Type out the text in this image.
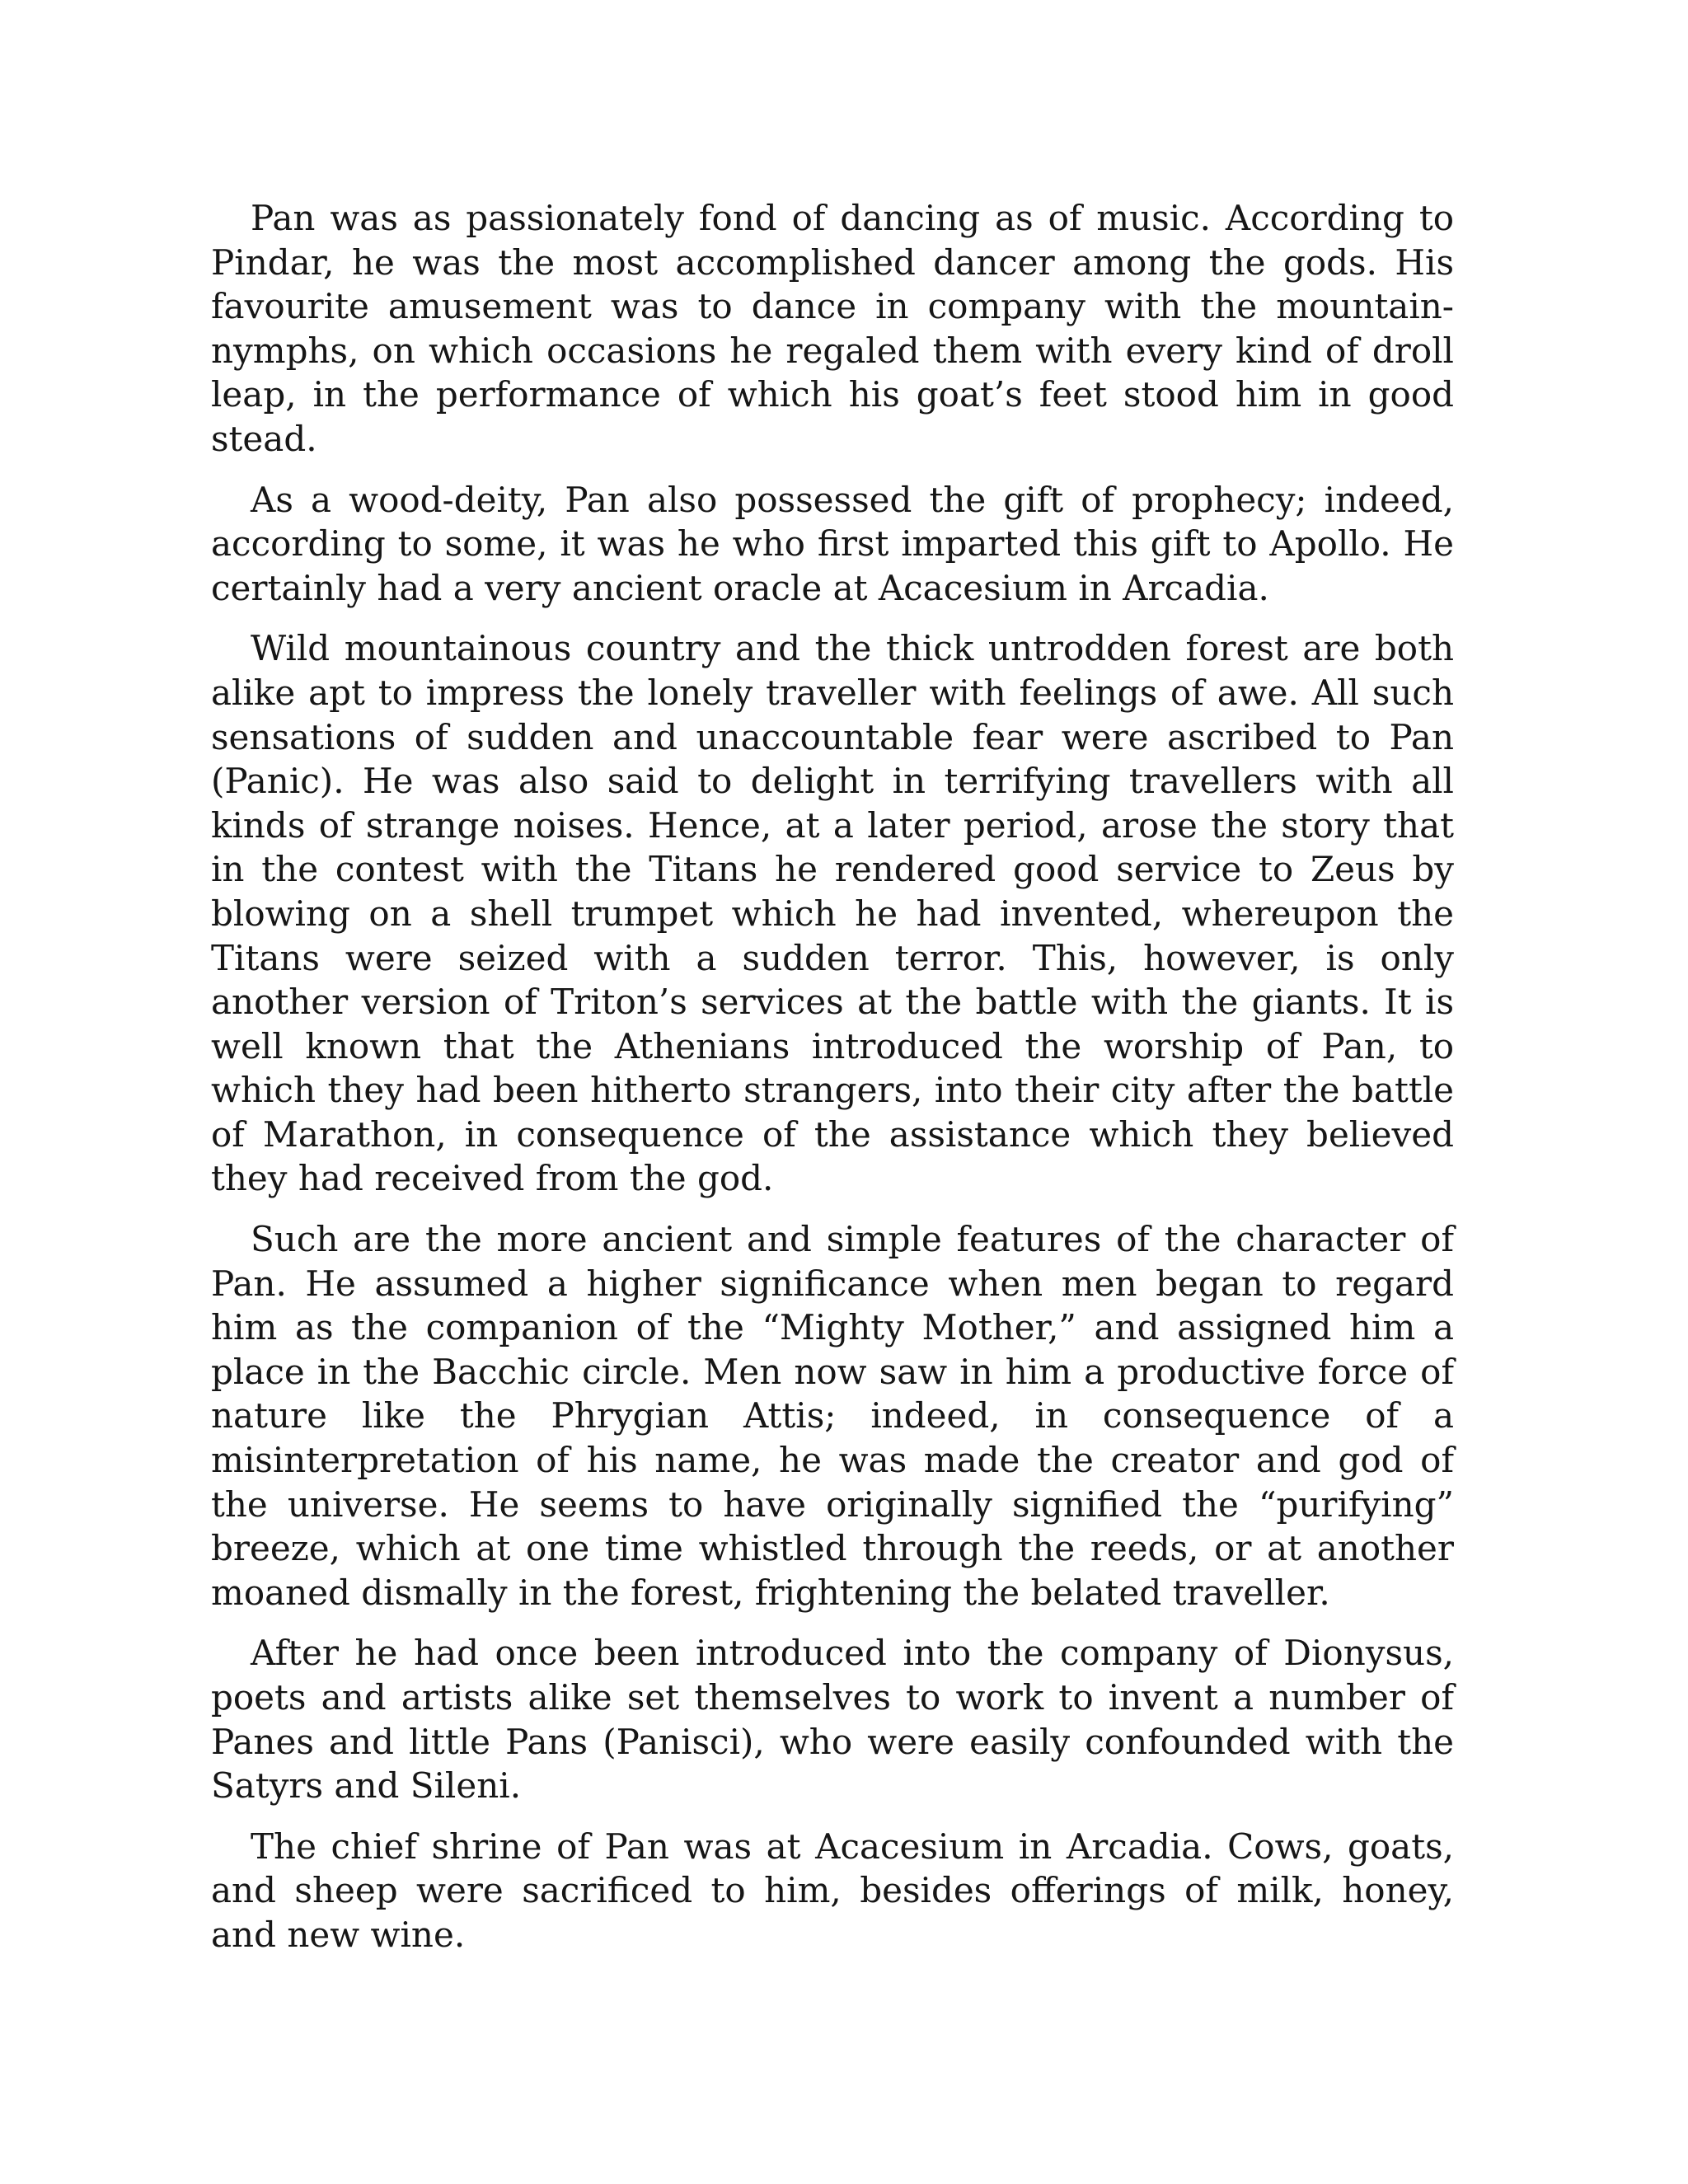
Pan was as passionately fond of dancing as of music. According to Pindar, he was the most accomplished dancer among the gods. His favourite amusement was to dance in company with the mountain-nymphs, on which occasions he regaled them with every kind of droll leap, in the performance of which his goat’s feet stood him in good stead.

As a wood-deity, Pan also possessed the gift of prophecy; indeed, according to some, it was he who first imparted this gift to Apollo. He certainly had a very ancient oracle at Acacesium in Arcadia.

Wild mountainous country and the thick untrodden forest are both alike apt to impress the lonely traveller with feelings of awe. All such sensations of sudden and unaccountable fear were ascribed to Pan (Panic). He was also said to delight in terrifying travellers with all kinds of strange noises. Hence, at a later period, arose the story that in the contest with the Titans he rendered good service to Zeus by blowing on a shell trumpet which he had invented, whereupon the Titans were seized with a sudden terror. This, however, is only another version of Triton’s services at the battle with the giants. It is well known that the Athenians introduced the worship of Pan, to which they had been hitherto strangers, into their city after the battle of Marathon, in consequence of the assistance which they believed they had received from the god.

Such are the more ancient and simple features of the character of Pan. He assumed a higher significance when men began to regard him as the companion of the “Mighty Mother,” and assigned him a place in the Bacchic circle. Men now saw in him a productive force of nature like the Phrygian Attis; indeed, in consequence of a misinterpretation of his name, he was made the creator and god of the universe. He seems to have originally signified the “purifying” breeze, which at one time whistled through the reeds, or at another moaned dismally in the forest, frightening the belated traveller.

After he had once been introduced into the company of Dionysus, poets and artists alike set themselves to work to invent a number of Panes and little Pans (Panisci), who were easily confounded with the Satyrs and Sileni.

The chief shrine of Pan was at Acacesium in Arcadia. Cows, goats, and sheep were sacrificed to him, besides offerings of milk, honey, and new wine.
